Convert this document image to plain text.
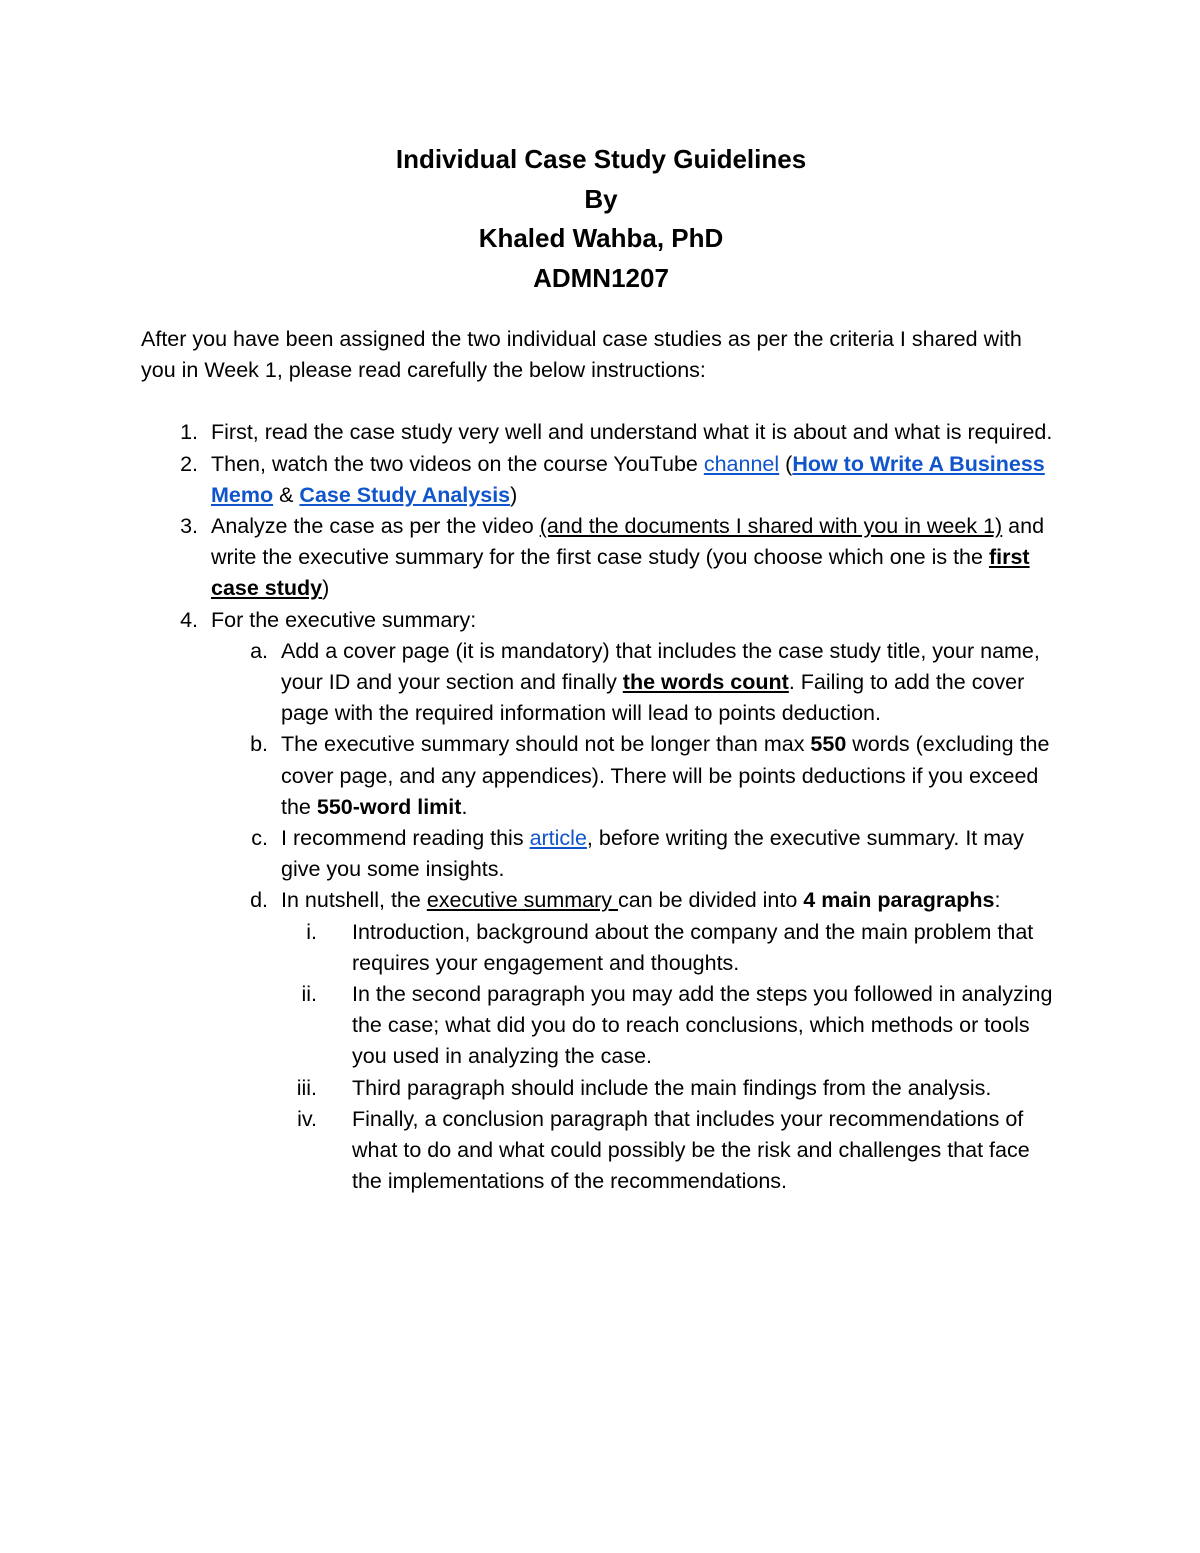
Individual Case Study Guidelines
By
Khaled Wahba, PhD
ADMN1207
After you have been assigned the two individual case studies as per the criteria I shared with you in Week 1, please read carefully the below instructions:
1. First, read the case study very well and understand what it is about and what is required.
2. Then, watch the two videos on the course YouTube channel (How to Write A Business Memo & Case Study Analysis)
3. Analyze the case as per the video (and the documents I shared with you in week 1) and write the executive summary for the first case study (you choose which one is the first case study)
4. For the executive summary:
a. Add a cover page (it is mandatory) that includes the case study title, your name, your ID and your section and finally the words count. Failing to add the cover page with the required information will lead to points deduction.
b. The executive summary should not be longer than max 550 words (excluding the cover page, and any appendices). There will be points deductions if you exceed the 550-word limit.
c. I recommend reading this article, before writing the executive summary. It may give you some insights.
d. In nutshell, the executive summary can be divided into 4 main paragraphs:
i. Introduction, background about the company and the main problem that requires your engagement and thoughts.
ii. In the second paragraph you may add the steps you followed in analyzing the case; what did you do to reach conclusions, which methods or tools you used in analyzing the case.
iii. Third paragraph should include the main findings from the analysis.
iv. Finally, a conclusion paragraph that includes your recommendations of what to do and what could possibly be the risk and challenges that face the implementations of the recommendations.
